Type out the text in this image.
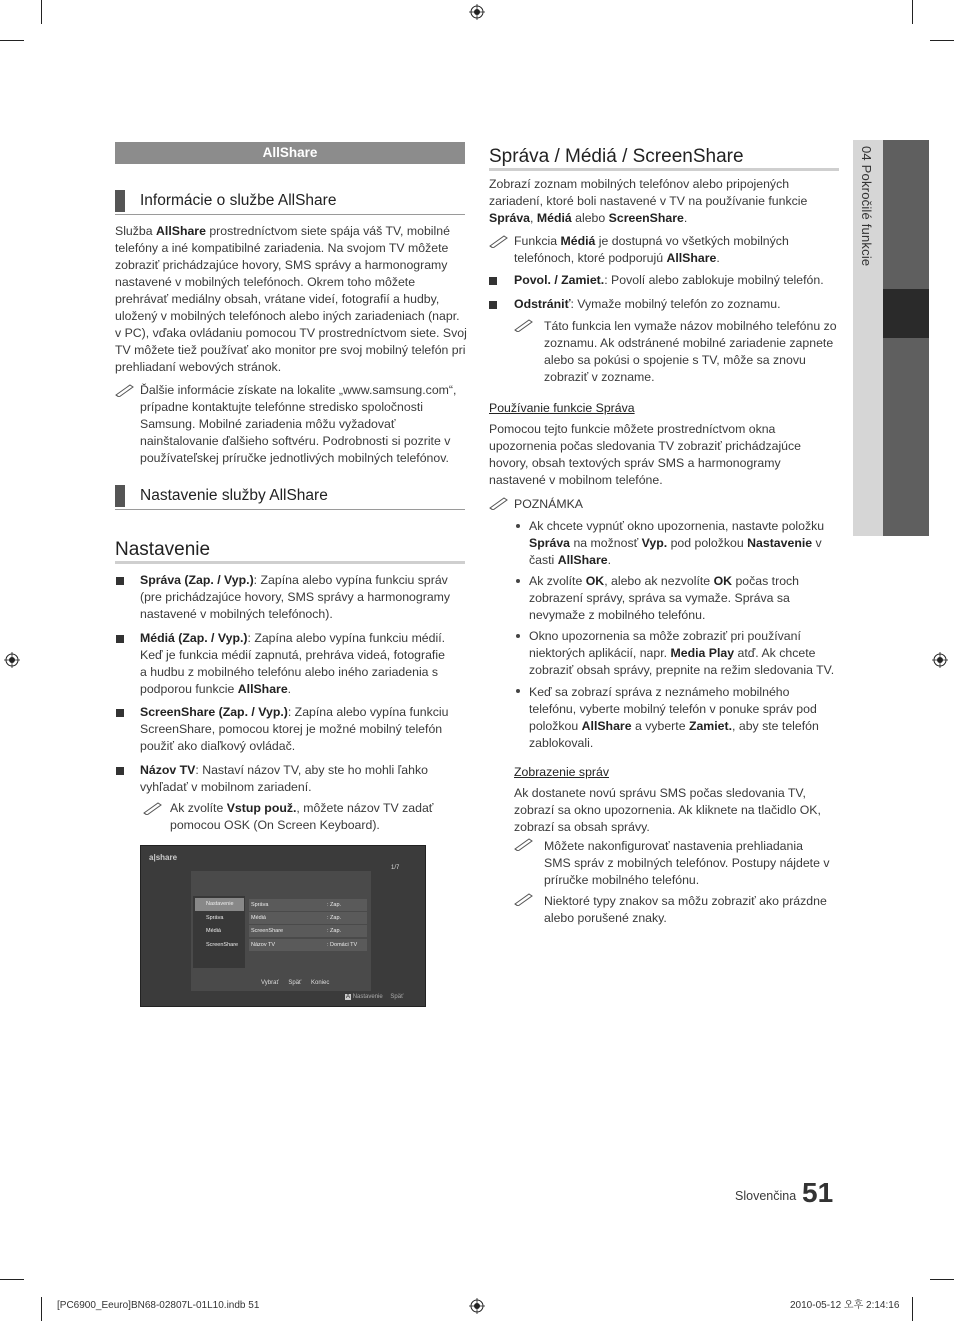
AllShare
Informácie o službe AllShare
Služba AllShare prostredníctvom siete spája váš TV, mobilné
telefóny a iné kompatibilné zariadenia. Na svojom TV môžete
zobraziť prichádzajúce hovory, SMS správy a harmonogramy
nastavené v mobilných telefónoch. Okrem toho môžete
prehrávať mediálny obsah, vrátane videí, fotografií a hudby,
uložený v mobilných telefónoch alebo iných zariadeniach (napr.
v PC), vďaka ovládaniu pomocou TV prostredníctvom siete. Svoj
TV môžete tiež používať ako monitor pre svoj mobilný telefón pri
prehliadaní webových stránok.
Ďalšie informácie získate na lokalite „www.samsung.com“,
prípadne kontaktujte telefónne stredisko spoločnosti
Samsung. Mobilné zariadenia môžu vyžadovať
nainštalovanie ďalšieho softvéru. Podrobnosti si pozrite v
používateľskej príručke jednotlivých mobilných telefónov.
Nastavenie služby AllShare
Nastavenie
Správa (Zap. / Vyp.): Zapína alebo vypína funkciu správ
(pre prichádzajúce hovory, SMS správy a harmonogramy
nastavené v mobilných telefónoch).
Médiá (Zap. / Vyp.): Zapína alebo vypína funkciu médií.
Keď je funkcia médií zapnutá, prehráva videá, fotografie
a hudbu z mobilného telefónu alebo iného zariadenia s
podporou funkcie AllShare.
ScreenShare (Zap. / Vyp.): Zapína alebo vypína funkciu
ScreenShare, pomocou ktorej je možné mobilný telefón
použiť ako diaľkový ovládač.
Názov TV: Nastaví názov TV, aby ste ho mohli ľahko
vyhľadať v mobilnom zariadení.
Ak zvolíte Vstup použ., môžete názov TV zadať
pomocou OSK (On Screen Keyboard).
a|share
1/7
Nastavenie
Správa
Médiá
ScreenShare
Správa	: Zap.
Médiá	: Zap.
ScreenShare	: Zap.
Názov TV	: Domáci TV
Vybrať Späť Koniec
A Nastavenie Späť
Správa / Médiá / ScreenShare
Zobrazí zoznam mobilných telefónov alebo pripojených
zariadení, ktoré boli nastavené v TV na používanie funkcie
Správa, Médiá alebo ScreenShare.
Funkcia Médiá je dostupná vo všetkých mobilných
telefónoch, ktoré podporujú AllShare.
Povol. / Zamiet.: Povolí alebo zablokuje mobilný telefón.
Odstrániť: Vymaže mobilný telefón zo zoznamu.
Táto funkcia len vymaže názov mobilného telefónu zo
zoznamu. Ak odstránené mobilné zariadenie zapnete
alebo sa pokúsi o spojenie s TV, môže sa znovu
zobraziť v zozname.
Používanie funkcie Správa
Pomocou tejto funkcie môžete prostredníctvom okna
upozornenia počas sledovania TV zobraziť prichádzajúce
hovory, obsah textových správ SMS a harmonogramy
nastavené v mobilnom telefóne.
POZNÁMKA
Ak chcete vypnúť okno upozornenia, nastavte položku
Správa na možnosť Vyp. pod položkou Nastavenie v
časti AllShare.
Ak zvolíte OK, alebo ak nezvolíte OK počas troch
zobrazení správy, správa sa vymaže. Správa sa
nevymaže z mobilného telefónu.
Okno upozornenia sa môže zobraziť pri používaní
niektorých aplikácií, napr. Media Play atď. Ak chcete
zobraziť obsah správy, prepnite na režim sledovania TV.
Keď sa zobrazí správa z neznámeho mobilného
telefónu, vyberte mobilný telefón v ponuke správ pod
položkou AllShare a vyberte Zamiet., aby ste telefón
zablokovali.
Zobrazenie správ
Ak dostanete novú správu SMS počas sledovania TV,
zobrazí sa okno upozornenia. Ak kliknete na tlačidlo OK,
zobrazí sa obsah správy.
Môžete nakonfigurovať nastavenia prehliadania
SMS správ z mobilných telefónov. Postupy nájdete v
príručke mobilného telefónu.
Niektoré typy znakov sa môžu zobraziť ako prázdne
alebo porušené znaky.
04 Pokročilé funkcie
Slovenčina 51
[PC6900_Eeuro]BN68-02807L-01L10.indb 51	2010-05-12 오후 2:14:16
